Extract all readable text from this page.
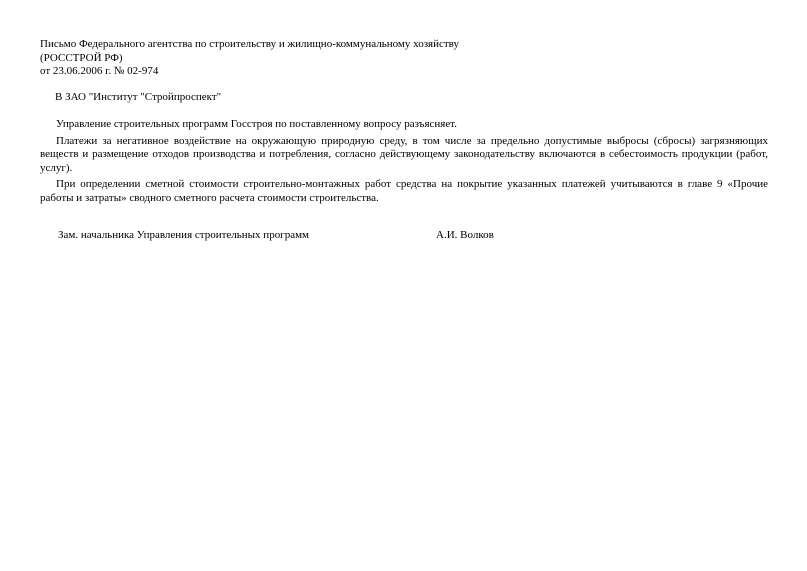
Письмо Федерального агентства по строительству и жилищно-коммунальному хозяйству
(РОССТРОЙ РФ)
от 23.06.2006 г. № 02-974
В ЗАО "Институт "Стройпроспект"

Управление строительных программ Госстроя по поставленному вопросу разъясняет.

Платежи за негативное воздействие на окружающую природную среду, в том числе за предельно допустимые выбросы (сбросы) загрязняющих веществ и размещение отходов производства и потребления, согласно действующему законодательству включаются в себестоимость продукции (работ, услуг).

При определении сметной стоимости строительно-монтажных работ средства на покрытие указанных платежей учитываются в главе 9 «Прочие работы и затраты» сводного сметного расчета стоимости строительства.

Зам. начальника Управления строительных программ	А.И. Волков
